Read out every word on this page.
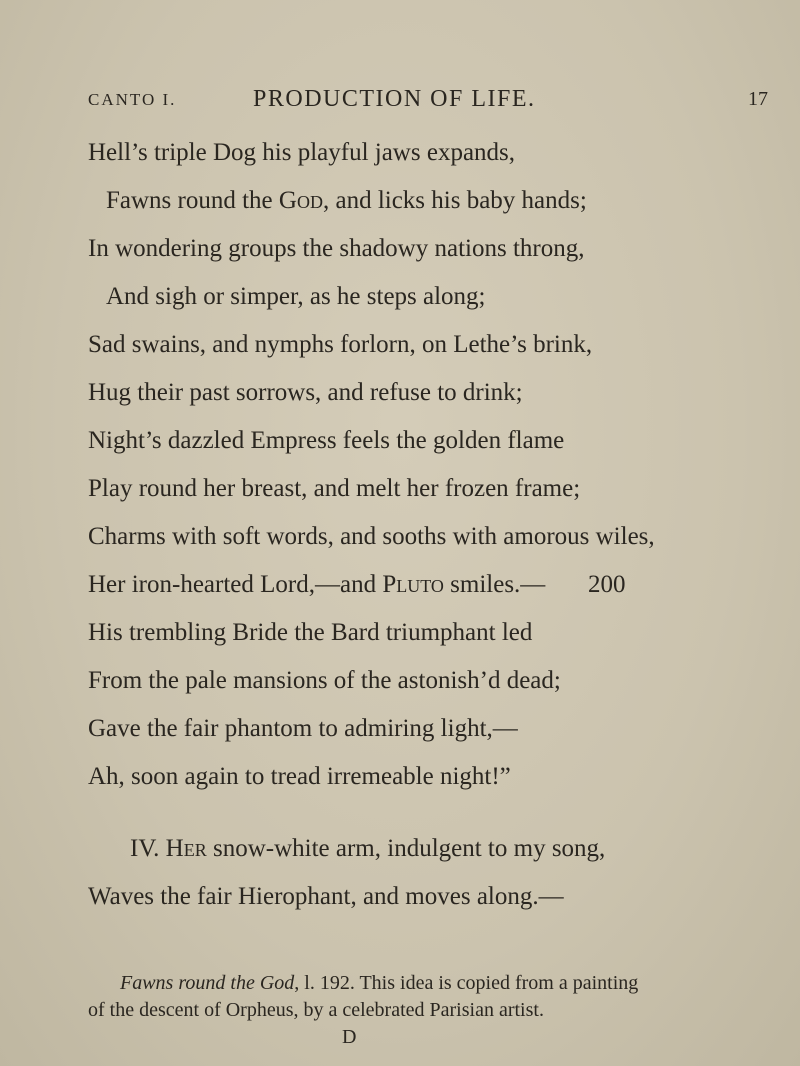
CANTO I.	PRODUCTION OF LIFE.	17
Hell’s triple Dog his playful jaws expands,
Fawns round the God, and licks his baby hands;
In wondering groups the shadowy nations throng,
And sigh or simper, as he steps along;
Sad swains, and nymphs forlorn, on Lethe’s brink,
Hug their past sorrows, and refuse to drink;
Night’s dazzled Empress feels the golden flame
Play round her breast, and melt her frozen frame;
Charms with soft words, and sooths with amorous wiles,
Her iron-hearted Lord,—and Pluto smiles.— 200
His trembling Bride the Bard triumphant led
From the pale mansions of the astonish’d dead;
Gave the fair phantom to admiring light,—
Ah, soon again to tread irremeable night!”
IV. Her snow-white arm, indulgent to my song,
Waves the fair Hierophant, and moves along.—
Fawns round the God, l. 192. This idea is copied from a painting
of the descent of Orpheus, by a celebrated Parisian artist.
D
